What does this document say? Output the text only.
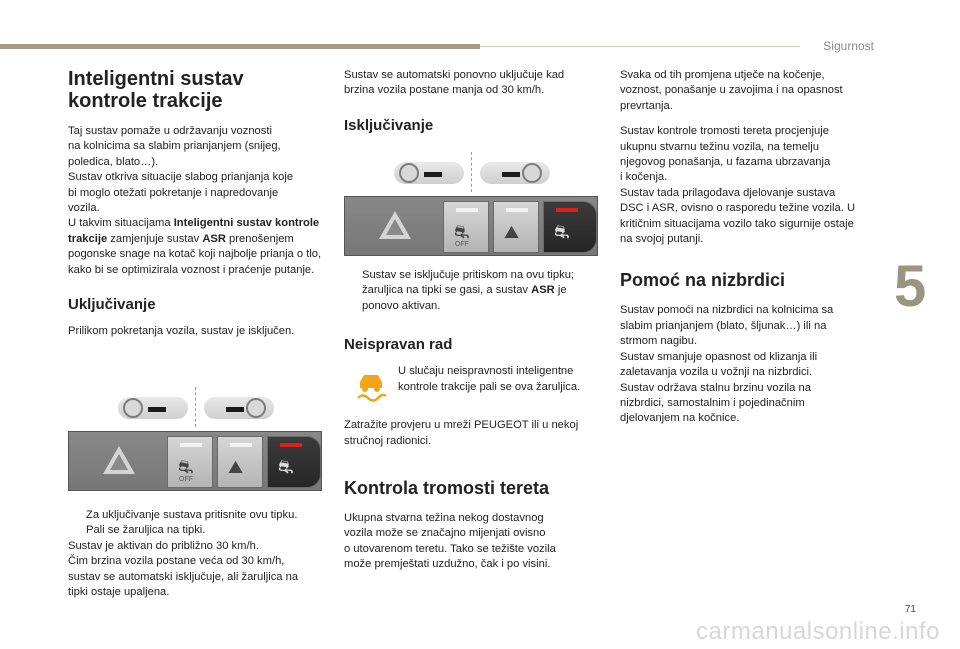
Sigurnost
5
71
carmanualsonline.info
Inteligentni sustav kontrole trakcije

Taj sustav pomaže u održavanju voznosti
na kolnicima sa slabim prianjanjem (snijeg,
poledica, blato…).
Sustav otkriva situacije slabog prianjanja koje
bi moglo otežati pokretanje i napredovanje
vozila.
U takvim situacijama Inteligentni sustav kontrole trakcije zamjenjuje sustav ASR prenošenjem pogonske snage na kotač koji najbolje prianja o tlo, kako bi se optimizirala voznost i praćenje putanje.

Uključivanje

Prilikom pokretanja vozila, sustav je isključen.

⛐
OFF
⛰ ⛐
Za uključivanje sustava pritisnite ovu tipku.
Pali se žaruljica na tipki.
Sustav je aktivan do približno 30 km/h.
Čim brzina vozila postane veća od 30 km/h,
sustav se automatski isključuje, ali žaruljica na
tipki ostaje upaljena.
Sustav se automatski ponovno uključuje kad
brzina vozila postane manja od 30 km/h.
Isključivanje
⛐
OFF
⛰ ⛐
Sustav se isključuje pritiskom na ovu tipku; žaruljica na tipki se gasi, a sustav ASR je ponovo aktivan.
Neispravan rad

U slučaju neispravnosti inteligentne kontrole trakcije pali se ova žaruljica.

Zatražite provjeru u mreži PEUGEOT ili u nekoj stručnoj radionici.

Kontrola tromosti tereta
Ukupna stvarna težina nekog dostavnog
vozila može se značajno mijenjati ovisno
o utovarenom teretu. Tako se težište vozila
može premještati uzdužno, čak i po visini.

Svaka od tih promjena utječe na kočenje,
voznost, ponašanje u zavojima i na opasnost
prevrtanja.

Sustav kontrole tromosti tereta procjenjuje
ukupnu stvarnu težinu vozila, na temelju
njegovog ponašanja, u fazama ubrzavanja
i kočenja.
Sustav tada prilagođava djelovanje sustava
DSC i ASR, ovisno o rasporedu težine vozila. U
kritičnim situacijama vozilo tako sigurnije ostaje
na svojoj putanji.

Pomoć na nizbrdici

Sustav pomoći na nizbrdici na kolnicima sa
slabim prianjanjem (blato, šljunak…) ili na
strmom nagibu.
Sustav smanjuje opasnost od klizanja ili
zaletavanja vozila u vožnji na nizbrdici.
Sustav održava stalnu brzinu vozila na
nizbrdici, samostalnim i pojedinačnim
djelovanjem na kočnice.
